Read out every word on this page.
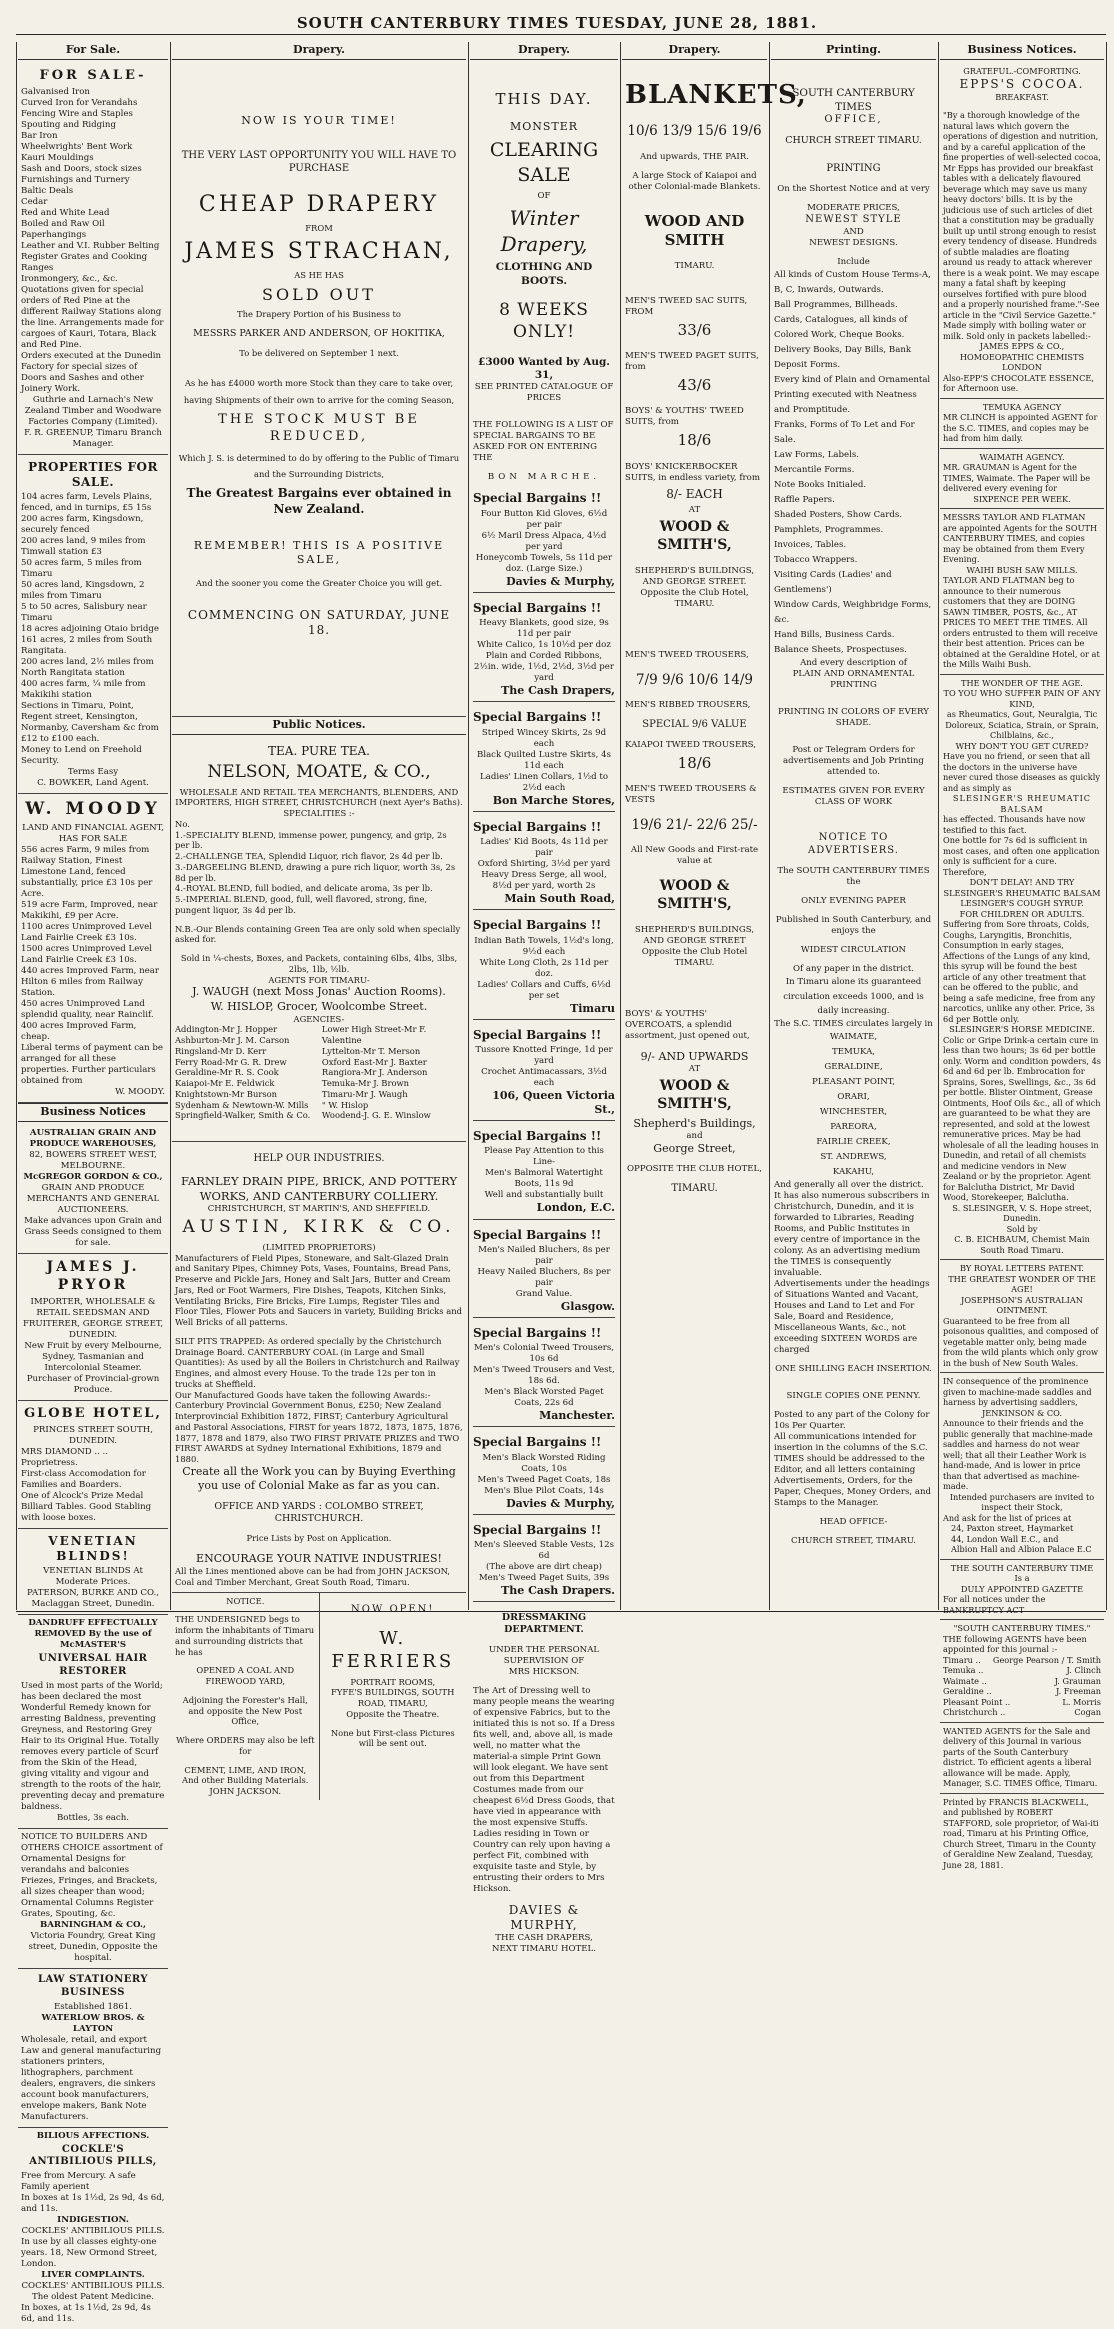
SOUTH CANTERBURY TIMES TUESDAY, JUNE 28, 1881.
For Sale.
FOR SALE-
Galvanised Iron
Curved Iron for Verandahs
Fencing Wire and Staples
Spouting and Ridging
Bar Iron
Wheelwrights' Bent Work
Kauri Mouldings
Sash and Doors, stock sizes
Furnishings and Turnery
Baltic Deals
Cedar
Red and White Lead
Boiled and Raw Oil
Paperhangings
Leather and V.I. Rubber Belting
Register Grates and Cooking Ranges
Ironmongery, &c., &c.
Quotations given for special orders of Red Pine at the different Railway Stations along the line. Arrangements made for cargoes of Kauri, Totara, Black and Red Pine.
Orders executed at the Dunedin Factory for special sizes of Doors and Sashes and other Joinery Work.
Guthrie and Larnach's New Zealand Timber and Woodware Factories Company (Limited).
F. R. GREENUP, Timaru Branch Manager.
PROPERTIES FOR SALE.
104 acres farm, Levels Plains, fenced, and in turnips, £5 15s
200 acres farm, Kingsdown, securely fenced
200 acres land, 9 miles from Timwall station £3
50 acres farm, 5 miles from Timaru
50 acres land, Kingsdown, 2 miles from Timaru
5 to 50 acres, Salisbury near Timaru
18 acres adjoining Otaio bridge
161 acres, 2 miles from South Rangitata.
200 acres land, 2½ miles from North Rangitata station
400 acres farm, ¼ mile from Makikihi station
Sections in Timaru, Point, Regent street, Kensington, Normanby, Caversham &c from £12 to £100 each.
Money to Lend on Freehold Security.
Terms Easy
C. BOWKER, Land Agent.
W. MOODY
LAND AND FINANCIAL AGENT, HAS FOR SALE
556 acres Farm, 9 miles from Railway Station, Finest Limestone Land, fenced substantially, price £3 10s per Acre.
519 acre Farm, Improved, near Makikihi, £9 per Acre.
1100 acres Unimproved Level Land Fairlie Creek £3 10s.
1500 acres Unimproved Level Land Fairlie Creek £3 10s.
440 acres Improved Farm, near Hilton 6 miles from Railway Station.
450 acres Unimproved Land splendid quality, near Rainclif.
400 acres Improved Farm, cheap.
Liberal terms of payment can be arranged for all these properties. Further particulars obtained from
W. MOODY.
Business Notices
AUSTRALIAN GRAIN AND PRODUCE WAREHOUSES,
82, BOWERS STREET WEST, MELBOURNE.
McGREGOR GORDON & CO.,
GRAIN AND PRODUCE MERCHANTS AND GENERAL AUCTIONEERS.
Make advances upon Grain and Grass Seeds consigned to them for sale.
JAMES J. PRYOR
IMPORTER, WHOLESALE & RETAIL SEEDSMAN AND FRUITERER, GEORGE STREET, DUNEDIN.
New Fruit by every Melbourne, Sydney, Tasmanian and Intercolonial Steamer.
Purchaser of Provincial-grown Produce.
GLOBE HOTEL,
PRINCES STREET SOUTH, DUNEDIN.
MRS DIAMOND .. .. Proprietress.
First-class Accomodation for Families and Boarders.
One of Alcock's Prize Medal Billiard Tables. Good Stabling with loose boxes.
VENETIAN BLINDS!
VENETIAN BLINDS At Moderate Prices.
PATERSON, BURKE AND CO., Maclaggan Street, Dunedin.
DANDRUFF EFFECTUALLY REMOVED By the use of McMASTER'S
UNIVERSAL HAIR RESTORER
Used in most parts of the World; has been declared the most Wonderful Remedy known for arresting Baldness, preventing Greyness, and Restoring Grey Hair to its Original Hue. Totally removes every particle of Scurf from the Skin of the Head, giving vitality and vigour and strength to the roots of the hair, preventing decay and premature baldness.
Bottles, 3s each.
NOTICE TO BUILDERS AND OTHERS CHOICE assortment of Ornamental Designs for verandahs and balconies Friezes, Fringes, and Brackets, all sizes cheaper than wood; Ornamental Columns Register Grates, Spouting, &c.
BARNINGHAM & CO.,
Victoria Foundry, Great King street, Dunedin, Opposite the hospital.
LAW STATIONERY BUSINESS
Established 1861.
WATERLOW BROS. & LAYTON
Wholesale, retail, and export Law and general manufacturing stationers printers, lithographers, parchment dealers, engravers, die sinkers account book manufacturers, envelope makers, Bank Note Manufacturers.
BILIOUS AFFECTIONS.
COCKLE'S ANTIBILIOUS PILLS,
Free from Mercury. A safe Family aperient
In boxes at 1s 1½d, 2s 9d, 4s 6d, and 11s.
INDIGESTION.
COCKLES' ANTIBILIOUS PILLS.
In use by all classes eighty-one years. 18, New Ormond Street, London.
LIVER COMPLAINTS.
COCKLES' ANTIBILIOUS PILLS.
The oldest Patent Medicine.
In boxes, at 1s 1½d, 2s 9d, 4s 6d, and 11s.
Drapery.
NOW IS YOUR TIME!
THE VERY LAST OPPORTUNITY YOU WILL HAVE TO PURCHASE
CHEAP DRAPERY
FROM
JAMES STRACHAN,
AS HE HAS
SOLD OUT
The Drapery Portion of his Business to
MESSRS PARKER AND ANDERSON, OF HOKITIKA,
To be delivered on September 1 next.
As he has £4000 worth more Stock than they care to take over, having Shipments of their own to arrive for the coming Season,
THE STOCK MUST BE REDUCED,
Which J. S. is determined to do by offering to the Public of Timaru and the Surrounding Districts,
The Greatest Bargains ever obtained in New Zealand.
REMEMBER! THIS IS A POSITIVE SALE,
And the sooner you come the Greater Choice you will get.
COMMENCING ON SATURDAY, JUNE 18.
Public Notices.
TEA. PURE TEA.
NELSON, MOATE, & CO.,
WHOLESALE AND RETAIL TEA MERCHANTS, BLENDERS, AND IMPORTERS, HIGH STREET, CHRISTCHURCH (next Ayer's Baths).
SPECIALITIES :-
No.
1.-SPECIALITY BLEND, immense power, pungency, and grip, 2s per lb.
2.-CHALLENGE TEA, Splendid Liquor, rich flavor, 2s 4d per lb.
3.-DARGEELING BLEND, drawing a pure rich liquor, worth 3s, 2s 8d per lb.
4.-ROYAL BLEND, full bodied, and delicate aroma, 3s per lb.
5.-IMPERIAL BLEND, good, full, well flavored, strong, fine, pungent liquor, 3s 4d per lb.
N.B.-Our Blends containing Green Tea are only sold when specially asked for.
Sold in ¼-chests, Boxes, and Packets, containing 6lbs, 4lbs, 3lbs, 2lbs, 1lb, ½lb.
AGENTS FOR TIMARU-
J. WAUGH (next Moss Jonas' Auction Rooms).
W. HISLOP, Grocer, Woolcombe Street.
AGENCIES-
Addington-Mr J. Hopper
Ashburton-Mr J. M. Carson
Ringsland-Mr D. Kerr
Ferry Road-Mr G. R. Drew
Geraldine-Mr R. S. Cook
Kaiapoi-Mr E. Feldwick
Knightstown-Mr Burson
Sydenham & Newtown-W. Mills
Springfield-Walker, Smith & Co.
Lower High Street-Mr F. Valentine
Lyttelton-Mr T. Merson
Oxford East-Mr J. Baxter
Rangiora-Mr J. Anderson
Temuka-Mr J. Brown
Timaru-Mr J. Waugh
" W. Hislop
Woodend-J. G. E. Winslow
HELP OUR INDUSTRIES.
FARNLEY DRAIN PIPE, BRICK, AND POTTERY WORKS, AND CANTERBURY COLLIERY.
CHRISTCHURCH, ST MARTIN'S, AND SHEFFIELD.
AUSTIN, KIRK & CO.
(LIMITED PROPRIETORS)
Manufacturers of Field Pipes, Stoneware, and Salt-Glazed Drain and Sanitary Pipes, Chimney Pots, Vases, Fountains, Bread Pans, Preserve and Pickle Jars, Honey and Salt Jars, Butter and Cream Jars, Red or Foot Warmers, Fire Dishes, Teapots, Kitchen Sinks, Ventilating Bricks, Fire Bricks, Fire Lumps, Register Tiles and Floor Tiles, Flower Pots and Saucers in variety, Building Bricks and Well Bricks of all patterns.
SILT PITS TRAPPED: As ordered specially by the Christchurch Drainage Board. CANTERBURY COAL (in Large and Small Quantities): As used by all the Boilers in Christchurch and Railway Engines, and almost every House. To the trade 12s per ton in trucks at Sheffield.
Our Manufactured Goods have taken the following Awards:-Canterbury Provincial Government Bonus, £250; New Zealand Interprovincial Exhibition 1872, FIRST; Canterbury Agricultural and Pastoral Associations, FIRST for years 1872, 1873, 1875, 1876, 1877, 1878 and 1879, also TWO FIRST PRIVATE PRIZES and TWO FIRST AWARDS at Sydney International Exhibitions, 1879 and 1880.
Create all the Work you can by Buying Everthing you use of Colonial Make as far as you can.
OFFICE AND YARDS : COLOMBO STREET, CHRISTCHURCH.
Price Lists by Post on Application.
ENCOURAGE YOUR NATIVE INDUSTRIES!
All the Lines mentioned above can be had from JOHN JACKSON, Coal and Timber Merchant, Great South Road, Timaru.
NOTICE.
THE UNDERSIGNED begs to inform the inhabitants of Timaru and surrounding districts that he has
OPENED A COAL AND FIREWOOD YARD,
Adjoining the Forester's Hall, and opposite the New Post Office,
Where ORDERS may also be left for
CEMENT, LIME, AND IRON,
And other Building Materials.
JOHN JACKSON.
NOW OPEN!
W. FERRIERS
PORTRAIT ROOMS,
FYFE'S BUILDINGS, SOUTH ROAD, TIMARU,
Opposite the Theatre.
None but First-class Pictures will be sent out.
Drapery.
THIS DAY.
MONSTER
CLEARING SALE
OF
Winter Drapery,
CLOTHING AND BOOTS.
8 WEEKS ONLY!
£3000 Wanted by Aug. 31,
SEE PRINTED CATALOGUE OF PRICES
THE FOLLOWING IS A LIST OF SPECIAL BARGAINS TO BE ASKED FOR ON ENTERING THE
BON MARCHE.
Special Bargains !!
Four Button Kid Gloves, 6½d per pair
6½ Maril Dress Alpaca, 4½d per yard
Honeycomb Towels, 5s 11d per doz. (Large Size.)
Davies & Murphy,
Special Bargains !!
Heavy Blankets, good size, 9s 11d per pair
White Calico, 1s 10½d per doz
Plain and Corded Ribbons, 2½in. wide, 1½d, 2½d, 3½d per yard
The Cash Drapers,
Special Bargains !!
Striped Wincey Skirts, 2s 9d each
Black Quilted Lustre Skirts, 4s 11d each
Ladies' Linen Collars, 1½d to 2½d each
Bon Marche Stores,
Special Bargains !!
Ladies' Kid Boots, 4s 11d per pair
Oxford Shirting, 3½d per yard
Heavy Dress Serge, all wool, 8½d per yard, worth 2s
Main South Road,
Special Bargains !!
Indian Bath Towels, 1½d's long, 9½d each
White Long Cloth, 2s 11d per doz.
Ladies' Collars and Cuffs, 6½d per set
Timaru
Special Bargains !!
Tussore Knotted Fringe, 1d per yard
Crochet Antimacassars, 3½d each
106, Queen Victoria St.,
Special Bargains !!
Please Pay Attention to this Line-
Men's Balmoral Watertight Boots, 11s 9d
Well and substantially built
London, E.C.
Special Bargains !!
Men's Nailed Bluchers, 8s per pair
Heavy Nailed Bluchers, 8s per pair
Grand Value.
Glasgow.
Special Bargains !!
Men's Colonial Tweed Trousers, 10s 6d
Men's Tweed Trousers and Vest, 18s 6d.
Men's Black Worsted Paget Coats, 22s 6d
Manchester.
Special Bargains !!
Men's Black Worsted Riding Coats, 10s
Men's Tweed Paget Coats, 18s
Men's Blue Pilot Coats, 14s
Davies & Murphy,
Special Bargains !!
Men's Sleeved Stable Vests, 12s 6d
(The above are dirt cheap)
Men's Tweed Paget Suits, 39s
The Cash Drapers.
DRESSMAKING DEPARTMENT.
UNDER THE PERSONAL SUPERVISION OF
MRS HICKSON.
The Art of Dressing well to many people means the wearing of expensive Fabrics, but to the initiated this is not so. If a Dress fits well, and, above all, is made well, no matter what the material-a simple Print Gown will look elegant. We have sent out from this Department Costumes made from our cheapest 6½d Dress Goods, that have vied in appearance with the most expensive Stuffs. Ladies residing in Town or Country can rely upon having a perfect Fit, combined with exquisite taste and Style, by entrusting their orders to Mrs Hickson.
DAVIES & MURPHY,
THE CASH DRAPERS,
NEXT TIMARU HOTEL.
Drapery.
BLANKETS,
10/6 13/9 15/6 19/6
And upwards, THE PAIR.
A large Stock of Kaiapoi and other Colonial-made Blankets.
WOOD AND SMITH
TIMARU.
MEN'S TWEED SAC SUITS, FROM
33/6
MEN'S TWEED PAGET SUITS, from
43/6
BOYS' & YOUTHS' TWEED SUITS, from
18/6
BOYS' KNICKERBOCKER SUITS, in endless variety, from
8/- EACH
AT
WOOD & SMITH'S,
SHEPHERD'S BUILDINGS, AND GEORGE STREET.
Opposite the Club Hotel,
TIMARU.
MEN'S TWEED TROUSERS,
7/9 9/6 10/6 14/9
MEN'S RIBBED TROUSERS,
SPECIAL 9/6 VALUE
KAIAPOI TWEED TROUSERS,
18/6
MEN'S TWEED TROUSERS & VESTS
19/6 21/- 22/6 25/-
All New Goods and First-rate value at
WOOD & SMITH'S,
SHEPHERD'S BUILDINGS, AND GEORGE STREET
Opposite the Club Hotel
TIMARU.
BOYS' & YOUTHS' OVERCOATS, a splendid assortment, just opened out,
9/- AND UPWARDS
AT
WOOD & SMITH'S,
Shepherd's Buildings,
and
George Street,
OPPOSITE THE CLUB HOTEL,
TIMARU.
Printing.
SOUTH CANTERBURY TIMES
OFFICE,
CHURCH STREET TIMARU.
PRINTING
On the Shortest Notice and at very
MODERATE PRICES,
NEWEST STYLE
AND
NEWEST DESIGNS.
Include
All kinds of Custom House Terms-A, B, C, Inwards, Outwards.
Ball Programmes, Billheads.
Cards, Catalogues, all kinds of Colored Work, Cheque Books.
Delivery Books, Day Bills, Bank Deposit Forms.
Every kind of Plain and Ornamental Printing executed with Neatness and Promptitude.
Franks, Forms of To Let and For Sale.
Law Forms, Labels.
Mercantile Forms.
Note Books Initialed.
Raffle Papers.
Shaded Posters, Show Cards.
Pamphlets, Programmes.
Invoices, Tables.
Tobacco Wrappers.
Visiting Cards (Ladies' and Gentlemens')
Window Cards, Weighbridge Forms, &c.
Hand Bills, Business Cards.
Balance Sheets, Prospectuses.
And every description of
PLAIN AND ORNAMENTAL PRINTING
PRINTING IN COLORS OF EVERY SHADE.
Post or Telegram Orders for advertisements and Job Printing attended to.
ESTIMATES GIVEN FOR EVERY CLASS OF WORK
NOTICE TO ADVERTISERS.
The SOUTH CANTERBURY TIMES the
ONLY EVENING PAPER
Published in South Canterbury, and enjoys the
WIDEST CIRCULATION
Of any paper in the district.
In Timaru alone its guaranteed circulation exceeds 1000, and is daily increasing.
The S.C. TIMES circulates largely in
WAIMATE,
TEMUKA,
GERALDINE,
PLEASANT POINT,
ORARI,
WINCHESTER,
PAREORA,
FAIRLIE CREEK,
ST. ANDREWS,
KAKAHU,
And generally all over the district. It has also numerous subscribers in Christchurch, Dunedin, and it is forwarded to Libraries, Reading Rooms, and Public Institutes in every centre of importance in the colony. As an advertising medium the TIMES is consequently invaluable.
Advertisements under the headings of Situations Wanted and Vacant, Houses and Land to Let and For Sale, Board and Residence, Miscellaneous Wants, &c., not exceeding SIXTEEN WORDS are charged
ONE SHILLING EACH INSERTION.
SINGLE COPIES ONE PENNY.
Posted to any part of the Colony for 10s Per Quarter.
All communications intended for insertion in the columns of the S.C. TIMES should be addressed to the Editor, and all letters containing Advertisements, Orders, for the Paper, Cheques, Money Orders, and Stamps to the Manager.
HEAD OFFICE-
CHURCH STREET, TIMARU.
Business Notices.
GRATEFUL.-COMFORTING.
EPPS'S COCOA.
BREAKFAST.
"By a thorough knowledge of the natural laws which govern the operations of digestion and nutrition, and by a careful application of the fine properties of well-selected cocoa, Mr Epps has provided our breakfast tables with a delicately flavoured beverage which may save us many heavy doctors' bills. It is by the judicious use of such articles of diet that a constitution may be gradually built up until strong enough to resist every tendency of disease. Hundreds of subtle maladies are floating around us ready to attack wherever there is a weak point. We may escape many a fatal shaft by keeping ourselves fortified with pure blood and a properly nourished frame."-See article in the "Civil Service Gazette." Made simply with boiling water or milk. Sold only in packets labelled:-
JAMES EPPS & CO.,
HOMOEOPATHIC CHEMISTS LONDON
Also-EPP'S CHOCOLATE ESSENCE, for Afternoon use.
TEMUKA AGENCY
MR CLINCH is appointed AGENT for the S.C. TIMES, and copies may be had from him daily.
WAIMATH AGENCY.
MR. GRAUMAN is Agent for the TIMES, Waimate. The Paper will be delivered every evening for
SIXPENCE PER WEEK.
MESSRS TAYLOR AND FLATMAN are appointed Agents for the SOUTH CANTERBURY TIMES, and copies may be obtained from them Every Evening.
WAIHI BUSH SAW MILLS.
TAYLOR AND FLATMAN beg to announce to their numerous customers that they are DOING SAWN TIMBER, POSTS, &c., AT PRICES TO MEET THE TIMES. All orders entrusted to them will receive their best attention. Prices can be obtained at the Geraldine Hotel, or at the Mills Waihi Bush.
THE WONDER OF THE AGE.
TO YOU WHO SUFFER PAIN OF ANY KIND,
as Rheumatics, Gout, Neuralgia, Tic Doloreux, Sciatica, Strain, or Sprain, Chilblains, &c.,
WHY DON'T YOU GET CURED?
Have you no friend, or seen that all the doctors in the universe have never cured those diseases as quickly and as simply as
SLESINGER'S RHEUMATIC BALSAM
has effected. Thousands have now testified to this fact.
One bottle for 7s 6d is sufficient in most cases, and often one application only is sufficient for a cure. Therefore,
DON'T DELAY! AND TRY
SLESINGER'S RHEUMATIC BALSAM
LESINGER'S COUGH SYRUP.
FOR CHILDREN OR ADULTS.
Suffering from Sore throats, Colds, Coughs, Laryngitis, Bronchitis, Consumption in early stages, Affections of the Lungs of any kind, this syrup will be found the best article of any other treatment that can be offered to the public, and being a safe medicine, free from any narcotics, unlike any other. Price, 3s 6d per Bottle only.
SLESINGER'S HORSE MEDICINE.
Colic or Gripe Drink-a certain cure in less than two hours; 3s 6d per bottle only. Worm and condition powders, 4s 6d and 6d per lb. Embrocation for Sprains, Sores, Swellings, &c., 3s 6d per bottle. Blister Ointment, Grease Ointments, Hoof Oils &c., all of which are guaranteed to be what they are represented, and sold at the lowest remunerative prices. May be had wholesale of all the leading houses in Dunedin, and retail of all chemists and medicine vendors in New Zealand or by the proprietor. Agent for Balclutha District, Mr David Wood, Storekeeper, Balclutha.
S. SLESINGER, V. S. Hope street, Dunedin.
Sold by
C. B. EICHBAUM, Chemist Main South Road Timaru.
BY ROYAL LETTERS PATENT.
THE GREATEST WONDER OF THE AGE!
JOSEPHSON'S AUSTRALIAN OINTMENT.
Guaranteed to be free from all poisonous qualities, and composed of vegetable matter only, being made from the wild plants which only grow in the bush of New South Wales.
IN consequence of the prominence given to machine-made saddles and harness by advertising saddlers,
JENKINSON & CO.
Announce to their friends and the public generally that machine-made saddles and harness do not wear well; that all their Leather Work is hand-made, And is lower in price than that advertised as machine-made.
Intended purchasers are invited to inspect their Stock,
And ask for the list of prices at
24, Paxton street, Haymarket
44, London Wall E.C., and
Albion Hall and Albion Palace E.C
THE SOUTH CANTERBURY TIME
Is a
DULY APPOINTED GAZETTE
For all notices under the BANKRUPTCY ACT
"SOUTH CANTERBURY TIMES."
THE following AGENTS have been appointed for this journal :-
Timaru .. George Pearson / T. Smith
Temuka ..	J. Clinch
Waimate ..	J. Grauman
Geraldine ..	J. Freeman
Pleasant Point ..	L. Morris
Christchurch ..	Cogan
WANTED AGENTS for the Sale and delivery of this Journal in various parts of the South Canterbury district. To efficient agents a liberal allowance will be made. Apply, Manager, S.C. TIMES Office, Timaru.
Printed by FRANCIS BLACKWELL, and published by ROBERT STAFFORD, sole proprietor, of Wai-iti road, Timaru at his Printing Office, Church Street, Timaru in the County of Geraldine New Zealand, Tuesday, June 28, 1881.
